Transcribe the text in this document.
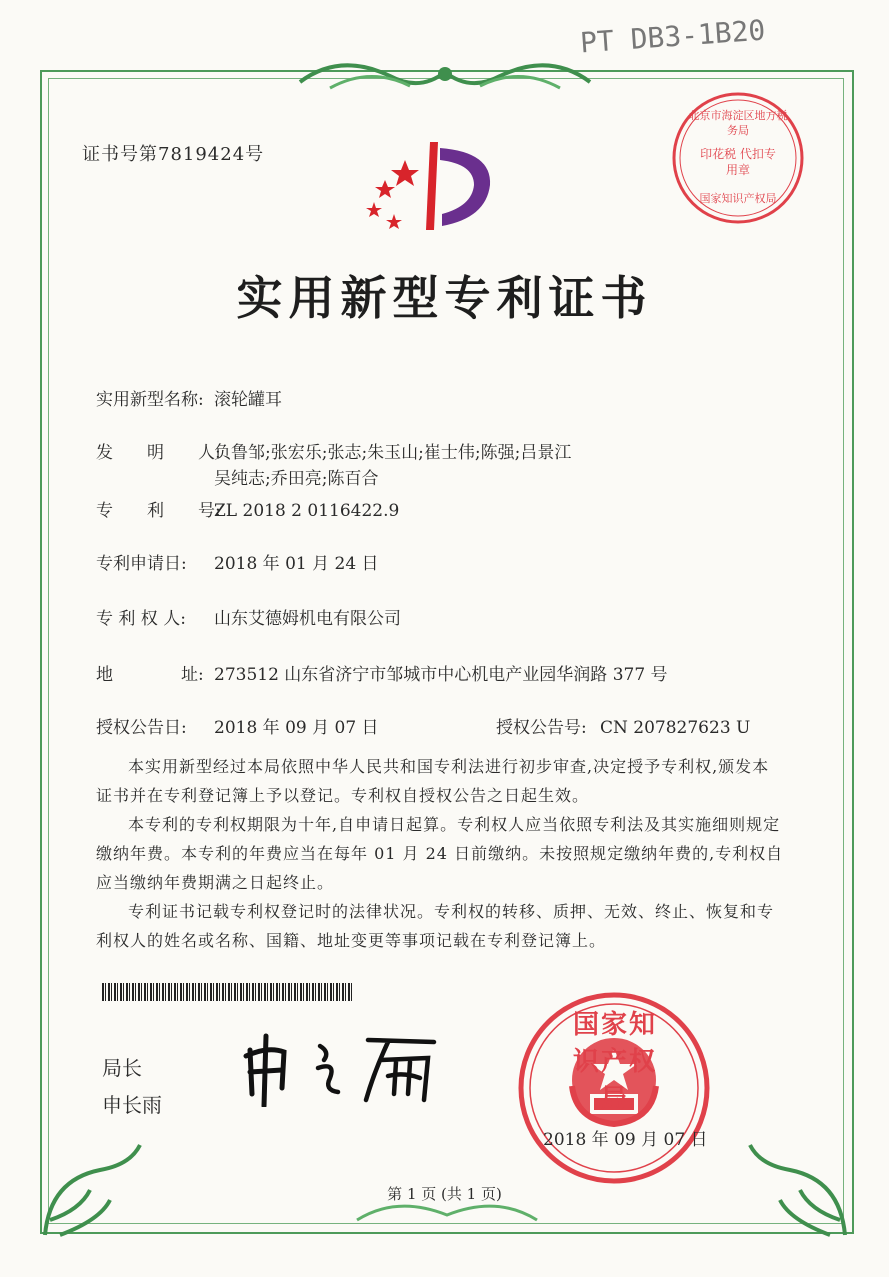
PT DB3-1B20
证书号第7819424号
北京市海淀区地方税务局
印花税 代扣专用章
国家知识产权局
实用新型专利证书
实用新型名称: 滚轮罐耳
发　　明　　人:负鲁邹;张宏乐;张志;朱玉山;崔士伟;陈强;吕景江
吴纯志;乔田亮;陈百合
专　　利　　号:ZL 2018 2 0116422.9
专利申请日: 2018 年 01 月 24 日
专 利 权 人: 山东艾德姆机电有限公司
地　　　　址: 273512 山东省济宁市邹城市中心机电产业园华润路 377 号
授权公告日: 2018 年 09 月 07 日	授权公告号: CN 207827623 U
本实用新型经过本局依照中华人民共和国专利法进行初步审查,决定授予专利权,颁发本证书并在专利登记簿上予以登记。专利权自授权公告之日起生效。
本专利的专利权期限为十年,自申请日起算。专利权人应当依照专利法及其实施细则规定缴纳年费。本专利的年费应当在每年 01 月 24 日前缴纳。未按照规定缴纳年费的,专利权自应当缴纳年费期满之日起终止。
专利证书记载专利权登记时的法律状况。专利权的转移、质押、无效、终止、恢复和专利权人的姓名或名称、国籍、地址变更等事项记载在专利登记簿上。
局长
申长雨
国家知识产权局
2018 年 09 月 07 日
第 1 页 (共 1 页)
